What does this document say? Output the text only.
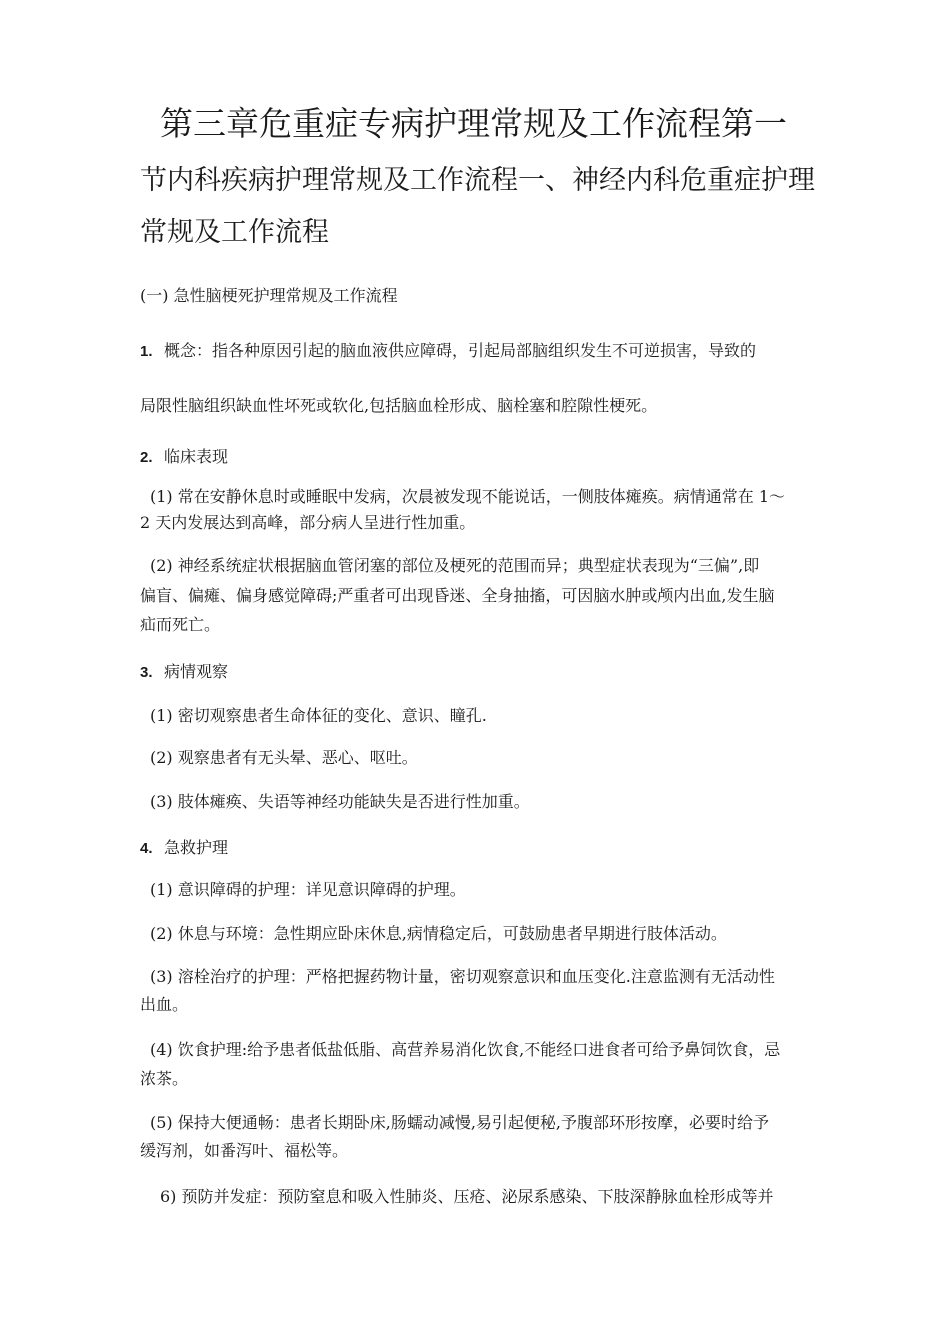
第三章危重症专病护理常规及工作流程第一
节内科疾病护理常规及工作流程一、神经内科危重症护理
常规及工作流程
(一) 急性脑梗死护理常规及工作流程
1. 概念：指各种原因引起的脑血液供应障碍，引起局部脑组织发生不可逆损害，导致的
局限性脑组织缺血性坏死或软化,包括脑血栓形成、脑栓塞和腔隙性梗死。
2. 临床表现
(1) 常在安静休息时或睡眠中发病，次晨被发现不能说话，一侧肢体瘫痪。病情通常在 1〜
2 天内发展达到高峰，部分病人呈进行性加重。
(2) 神经系统症状根据脑血管闭塞的部位及梗死的范围而异；典型症状表现为“三偏”,即
偏盲、偏瘫、偏身感觉障碍;严重者可出现昏迷、全身抽搐，可因脑水肿或颅内出血,发生脑
疝而死亡。
3. 病情观察
(1) 密切观察患者生命体征的变化、意识、瞳孔.
(2) 观察患者有无头晕、恶心、呕吐。
(3) 肢体瘫痪、失语等神经功能缺失是否进行性加重。
4. 急救护理
(1) 意识障碍的护理：详见意识障碍的护理。
(2) 休息与环境：急性期应卧床休息,病情稳定后，可鼓励患者早期进行肢体活动。
(3) 溶栓治疗的护理：严格把握药物计量，密切观察意识和血压变化.注意监测有无活动性
出血。
(4) 饮食护理:给予患者低盐低脂、高营养易消化饮食,不能经口进食者可给予鼻饲饮食，忌
浓茶。
(5) 保持大便通畅：患者长期卧床,肠蠕动减慢,易引起便秘,予腹部环形按摩，必要时给予
缓泻剂，如番泻叶、福松等。
6) 预防并发症：预防窒息和吸入性肺炎、压疮、泌尿系感染、下肢深静脉血栓形成等并
